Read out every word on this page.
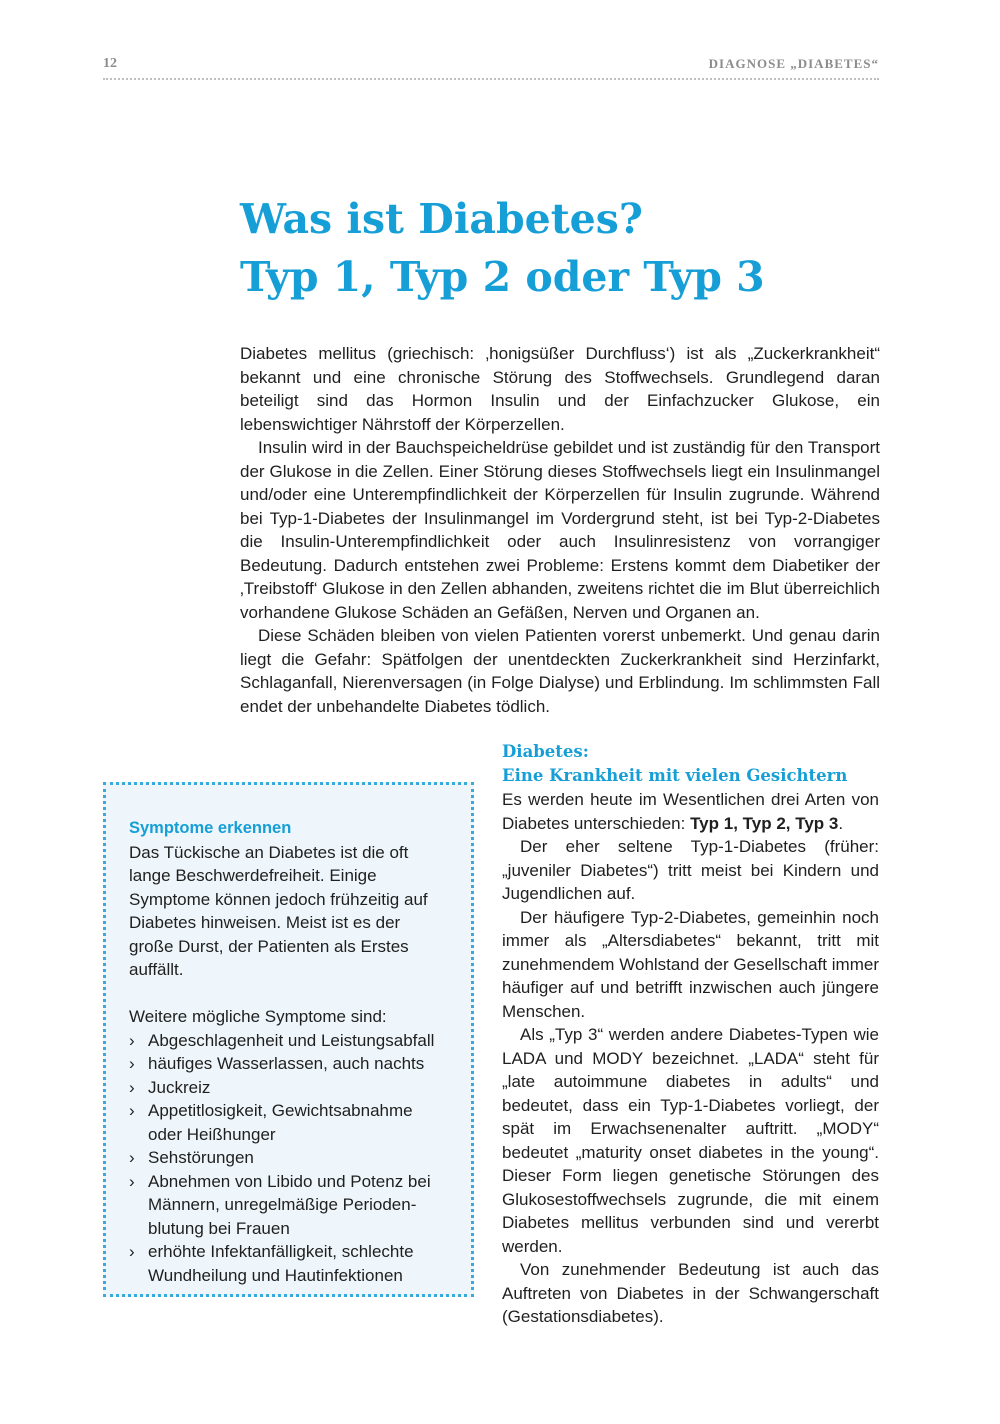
12	DIAGNOSE „DIABETES“
Was ist Diabetes?
Typ 1, Typ 2 oder Typ 3

Diabetes mellitus (griechisch: ‚honigsüßer Durchfluss‘) ist als „Zuckerkrankheit“ bekannt und eine chronische Störung des Stoffwechsels. Grundlegend daran beteiligt sind das Hormon Insulin und der Einfachzucker Glukose, ein lebenswichtiger Nährstoff der Körperzellen.

Insulin wird in der Bauchspeicheldrüse gebildet und ist zuständig für den Transport der Glukose in die Zellen. Einer Störung dieses Stoffwechsels liegt ein Insulinmangel und/oder eine Unterempfindlichkeit der Körperzellen für Insulin zugrunde. Während bei Typ-1-Diabetes der Insulinmangel im Vordergrund steht, ist bei Typ-2-Diabetes die Insulin-Unterempfindlichkeit oder auch Insulinresistenz von vorrangiger Bedeutung. Dadurch entstehen zwei Probleme: Erstens kommt dem Diabetiker der ‚Treibstoff‘ Glukose in den Zellen abhanden, zweitens richtet die im Blut überreichlich vorhandene Glukose Schäden an Gefäßen, Nerven und Organen an.

Diese Schäden bleiben von vielen Patienten vorerst unbemerkt. Und genau darin liegt die Gefahr: Spätfolgen der unentdeckten Zuckerkrankheit sind Herzinfarkt, Schlaganfall, Nierenversagen (in Folge Dialyse) und Erblindung. Im schlimmsten Fall endet der unbehandelte Diabetes tödlich.

Symptome erkennen

Das Tückische an Diabetes ist die oft lange Beschwerdefreiheit. Einige Symptome können jedoch frühzeitig auf Diabetes hinweisen. Meist ist es der große Durst, der Patienten als Erstes auffällt.

Weitere mögliche Symptome sind:

› Abgeschlagenheit und Leistungsabfall
› häufiges Wasserlassen, auch nachts
› Juckreiz
› Appetitlosigkeit, Gewichtsabnahme oder Heißhunger
› Sehstörungen
› Abnehmen von Libido und Potenz bei Männern, unregelmäßige Periodenblutung bei Frauen
› erhöhte Infektanfälligkeit, schlechte Wundheilung und Hautinfektionen
Diabetes:
Eine Krankheit mit vielen Gesichtern

Es werden heute im Wesentlichen drei Arten von Diabetes unterschieden: Typ 1, Typ 2, Typ 3.

Der eher seltene Typ-1-Diabetes (früher: „juveniler Diabetes“) tritt meist bei Kindern und Jugendlichen auf.

Der häufigere Typ-2-Diabetes, gemeinhin noch immer als „Altersdiabetes“ bekannt, tritt mit zunehmendem Wohlstand der Gesellschaft immer häufiger auf und betrifft inzwischen auch jüngere Menschen.

Als „Typ 3“ werden andere Diabetes-Typen wie LADA und MODY bezeichnet. „LADA“ steht für „late autoimmune diabetes in adults“ und bedeutet, dass ein Typ-1-Diabetes vorliegt, der spät im Erwachsenenalter auftritt. „MODY“ bedeutet „maturity onset diabetes in the young“. Dieser Form liegen genetische Störungen des Glukosestoffwechsels zugrunde, die mit einem Diabetes mellitus verbunden sind und vererbt werden.

Von zunehmender Bedeutung ist auch das Auftreten von Diabetes in der Schwangerschaft (Gestationsdiabetes).
